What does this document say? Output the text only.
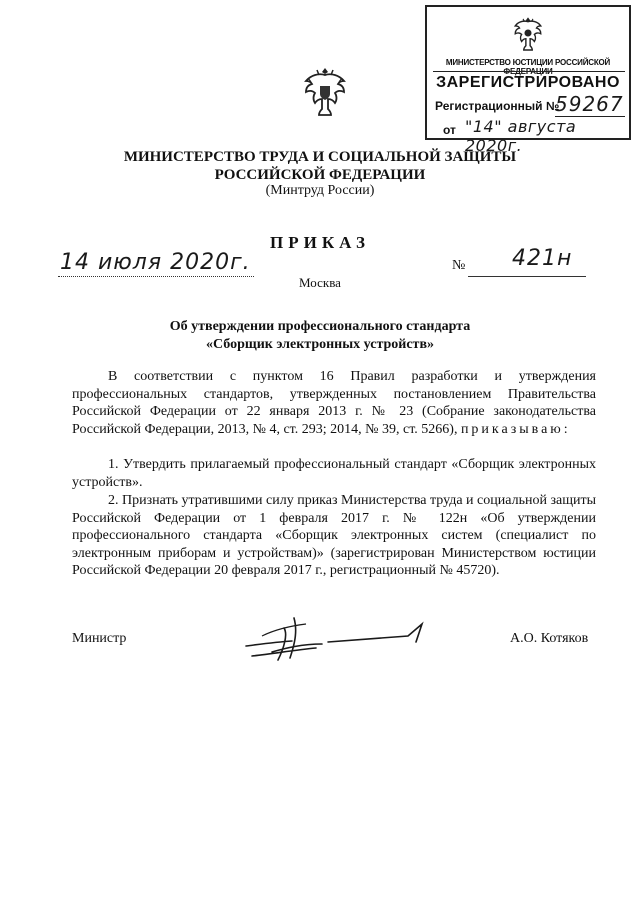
МИНИСТЕРСТВО ЮСТИЦИИ РОССИЙСКОЙ ФЕДЕРАЦИИ
ЗАРЕГИСТРИРОВАНО
Регистрационный №
59267
от "14" августа 2020г.
МИНИСТЕРСТВО ТРУДА И СОЦИАЛЬНОЙ ЗАЩИТЫ
РОССИЙСКОЙ ФЕДЕРАЦИИ
(Минтруд России)
ПРИКАЗ
14 июля 2020г.	№ 421н
Москва
Об утверждении профессионального стандарта
«Сборщик электронных устройств»

В соответствии с пунктом 16 Правил разработки и утверждения профессиональных стандартов, утвержденных постановлением Правительства Российской Федерации от 22 января 2013 г. № 23 (Собрание законодательства Российской Федерации, 2013, № 4, ст. 293; 2014, № 39, ст. 5266), приказываю:

1. Утвердить прилагаемый профессиональный стандарт «Сборщик электронных устройств».

2. Признать утратившими силу приказ Министерства труда и социальной защиты Российской Федерации от 1 февраля 2017 г. № 122н «Об утверждении профессионального стандарта «Сборщик электронных систем (специалист по электронным приборам и устройствам)» (зарегистрирован Министерством юстиции Российской Федерации 20 февраля 2017 г., регистрационный № 45720).

Министр	А.О. Котяков
